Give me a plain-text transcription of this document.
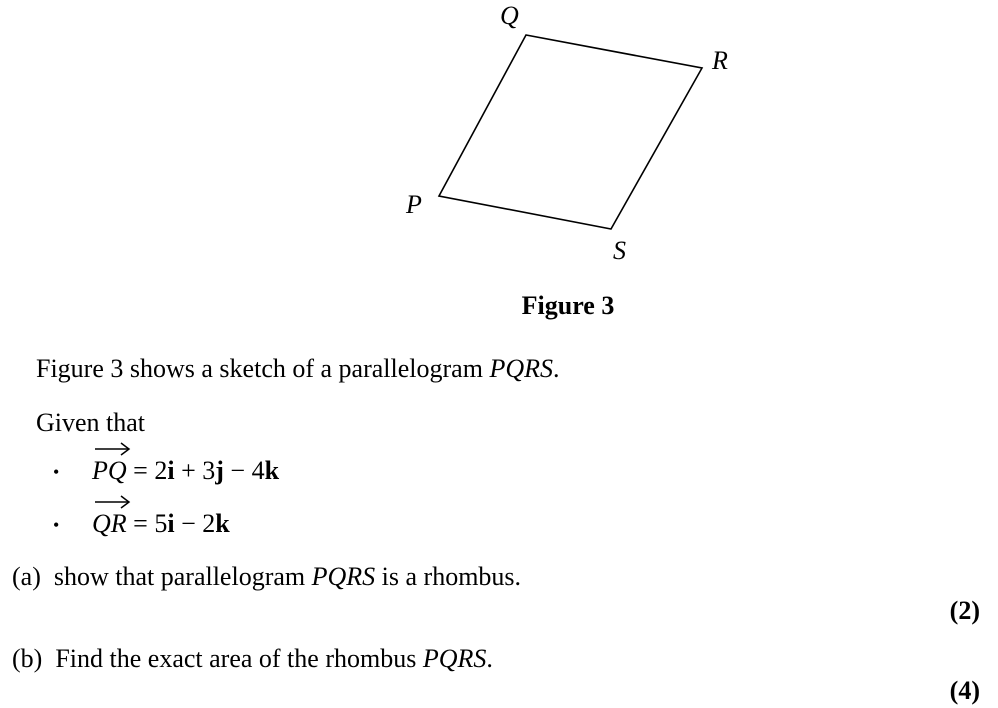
Q
R
P
S
Figure 3
Figure 3 shows a sketch of a parallelogram PQRS.
Given that
• PQ = 2i + 3j − 4k
• QR = 5i − 2k
(a) show that parallelogram PQRS is a rhombus.
(2)
(b) Find the exact area of the rhombus PQRS.
(4)
